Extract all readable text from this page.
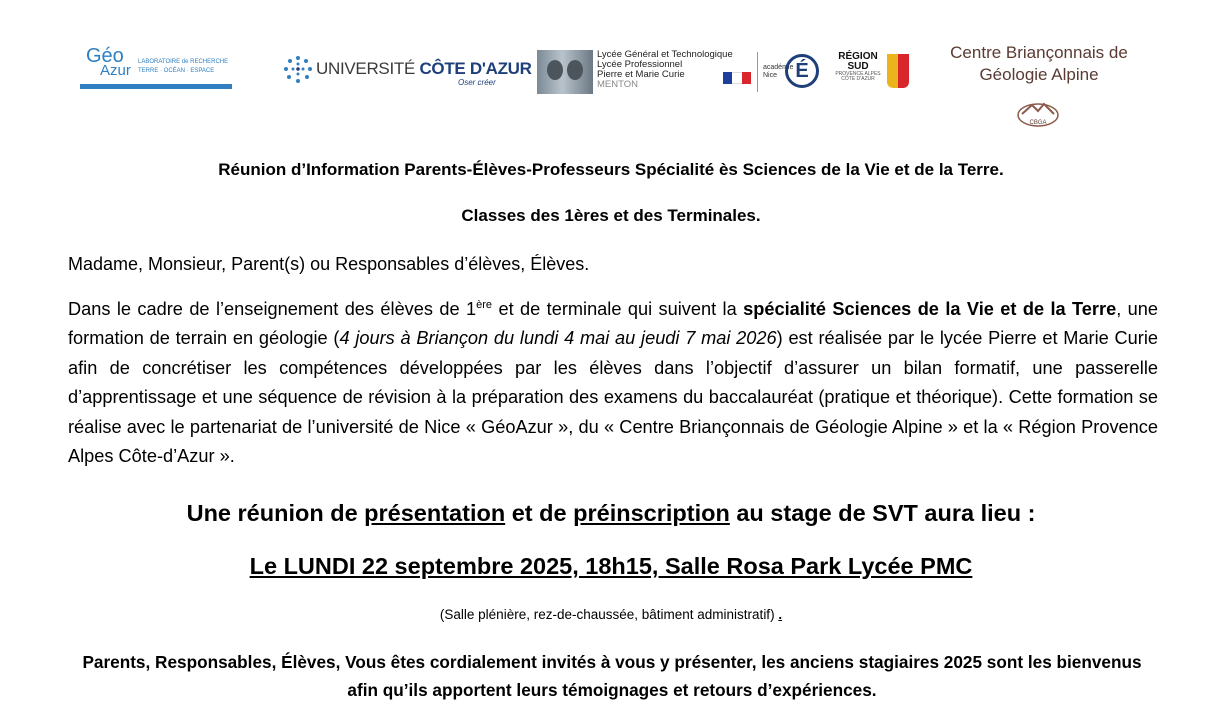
Géo
Azur LABORATOIRE de RECHERCHE
TERRE · OCÉAN · ESPACE	UNIVERSITÉ CÔTE D'AZUR
Oser créer
Lycée Général et Technologique
Lycée Professionnel
Pierre et Marie Curie
MENTON
académie Nice É
RÉGION
SUD
PROVENCE ALPES CÔTE D'AZUR
Centre Briançonnais de
Géologie Alpine
CBGA
Réunion d’Information Parents-Élèves-Professeurs Spécialité ès Sciences de la Vie et de la Terre.
Classes des 1ères et des Terminales.
Madame, Monsieur, Parent(s) ou Responsables d’élèves, Élèves.
Dans le cadre de l’enseignement des élèves de 1ère et de terminale qui suivent la spécialité Sciences de la Vie et de la Terre, une formation de terrain en géologie (4 jours à Briançon du lundi 4 mai au jeudi 7 mai 2026) est réalisée par le lycée Pierre et Marie Curie afin de concrétiser les compétences développées par les élèves dans l’objectif d’assurer un bilan formatif, une passerelle d’apprentissage et une séquence de révision à la préparation des examens du baccalauréat (pratique et théorique). Cette formation se réalise avec le partenariat de l’université de Nice « GéoAzur », du « Centre Briançonnais de Géologie Alpine » et la « Région Provence Alpes Côte-d’Azur ».
Une réunion de présentation et de préinscription au stage de SVT aura lieu :
Le LUNDI 22 septembre 2025, 18h15, Salle Rosa Park Lycée PMC
(Salle plénière, rez-de-chaussée, bâtiment administratif) .
Parents, Responsables, Élèves, Vous êtes cordialement invités à vous y présenter, les anciens stagiaires 2025 sont les bienvenus afin qu’ils apportent leurs témoignages et retours d’expériences.
